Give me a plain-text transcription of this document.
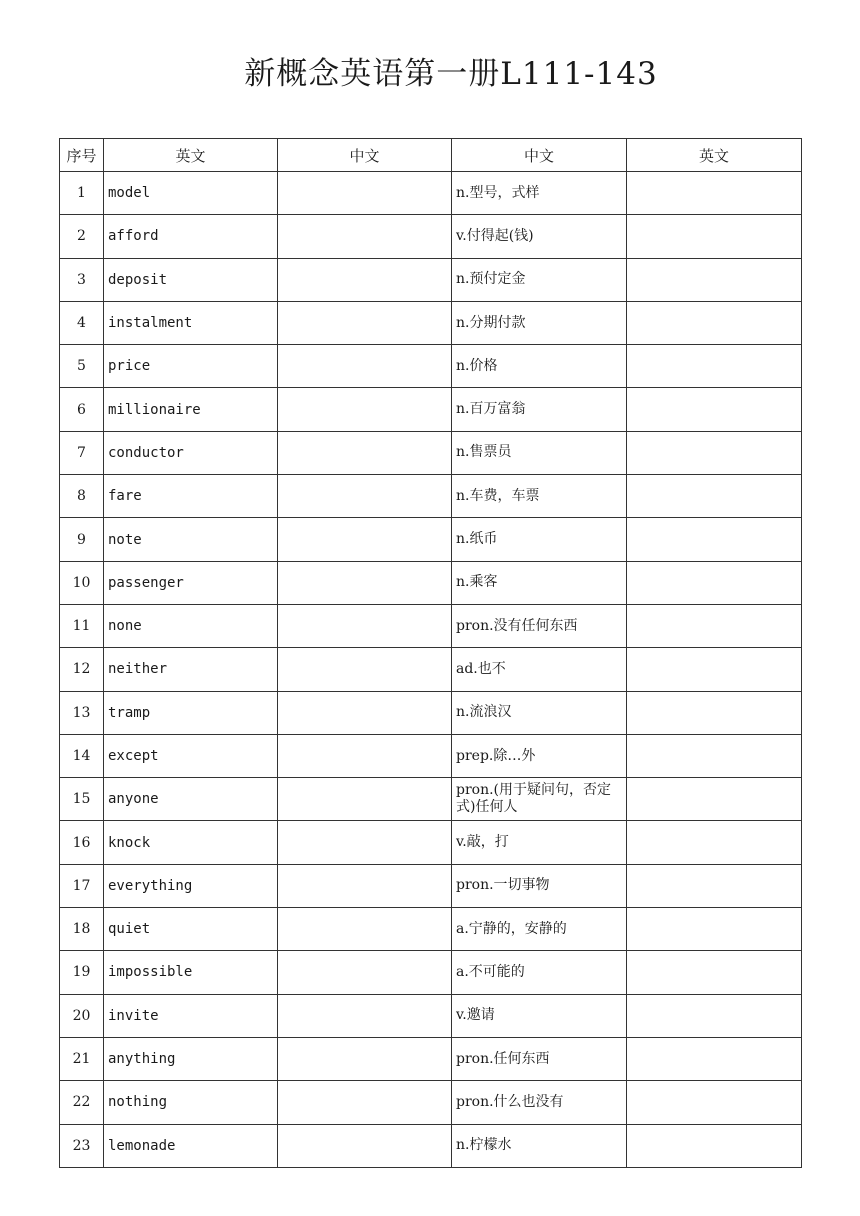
新概念英语第一册L111-143
序号	英文	中文	中文	英文
1	model		n.型号，式样	
2	afford		v.付得起(钱)	
3	deposit		n.预付定金	
4	instalment		n.分期付款	
5	price		n.价格	
6	millionaire		n.百万富翁	
7	conductor		n.售票员	
8	fare		n.车费，车票	
9	note		n.纸币	
10	passenger		n.乘客	
11	none		pron.没有任何东西	
12	neither		ad.也不	
13	tramp		n.流浪汉	
14	except		prep.除…外	
15	anyone		pron.(用于疑问句，否定式)任何人	
16	knock		v.敲，打	
17	everything		pron.一切事物	
18	quiet		a.宁静的，安静的	
19	impossible		a.不可能的	
20	invite		v.邀请	
21	anything		pron.任何东西	
22	nothing		pron.什么也没有	
23	lemonade		n.柠檬水	
